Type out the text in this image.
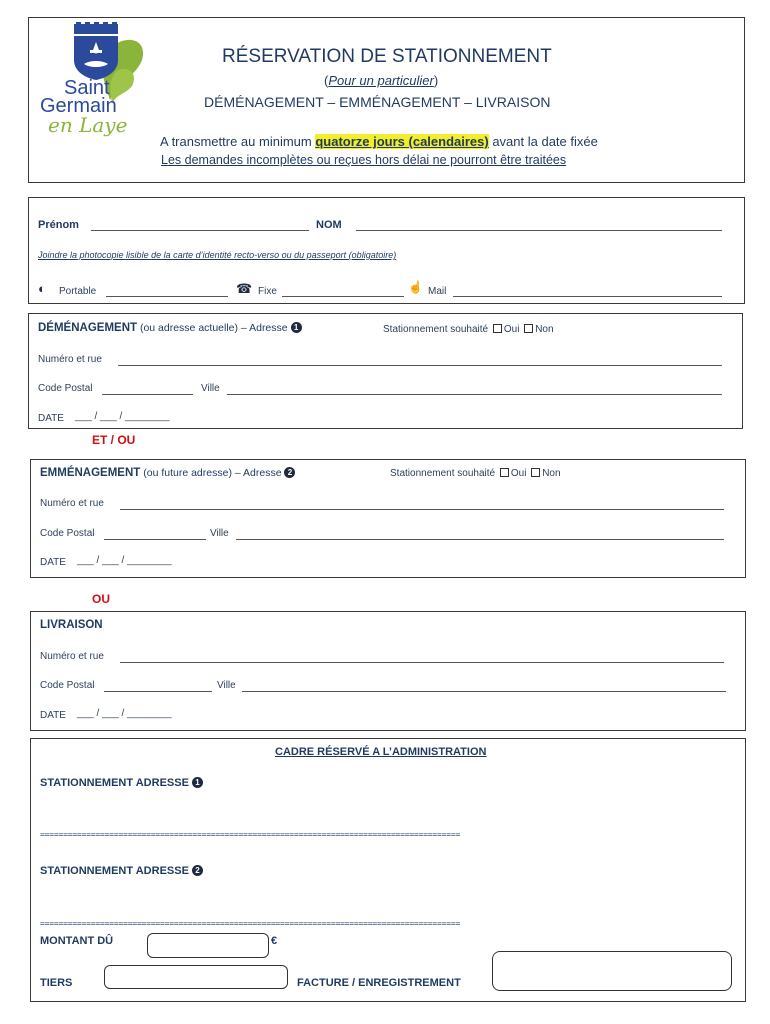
Saint
Germain
en Laye
RÉSERVATION DE STATIONNEMENT
(Pour un particulier)
DÉMÉNAGEMENT – EMMÉNAGEMENT – LIVRAISON
A transmettre au minimum quatorze jours (calendaires) avant la date fixée
Les demandes incomplètes ou reçues hors délai ne pourront être traitées
Prénom	NOM
Joindre la photocopie lisible de la carte d’identité recto-verso ou du passeport (obligatoire)
◐ Portable	☎ Fixe	☝ Mail
DÉMÉNAGEMENT (ou adresse actuelle) – Adresse 1	Stationnement souhaité Oui Non
Numéro et rue
Code Postal	Ville
DATE ___ / ___ / ________
ET / OU
EMMÉNAGEMENT (ou future adresse) – Adresse 2	Stationnement souhaité Oui Non
Numéro et rue
Code Postal	Ville
DATE ___ / ___ / ________
OU
LIVRAISON
Numéro et rue
Code Postal	Ville
DATE ___ / ___ / ________
CADRE RÉSERVÉ A L’ADMINISTRATION
STATIONNEMENT ADRESSE 1
===========================================================================================
STATIONNEMENT ADRESSE 2
===========================================================================================
MONTANT DÛ	€
TIERS	FACTURE / ENREGISTREMENT
